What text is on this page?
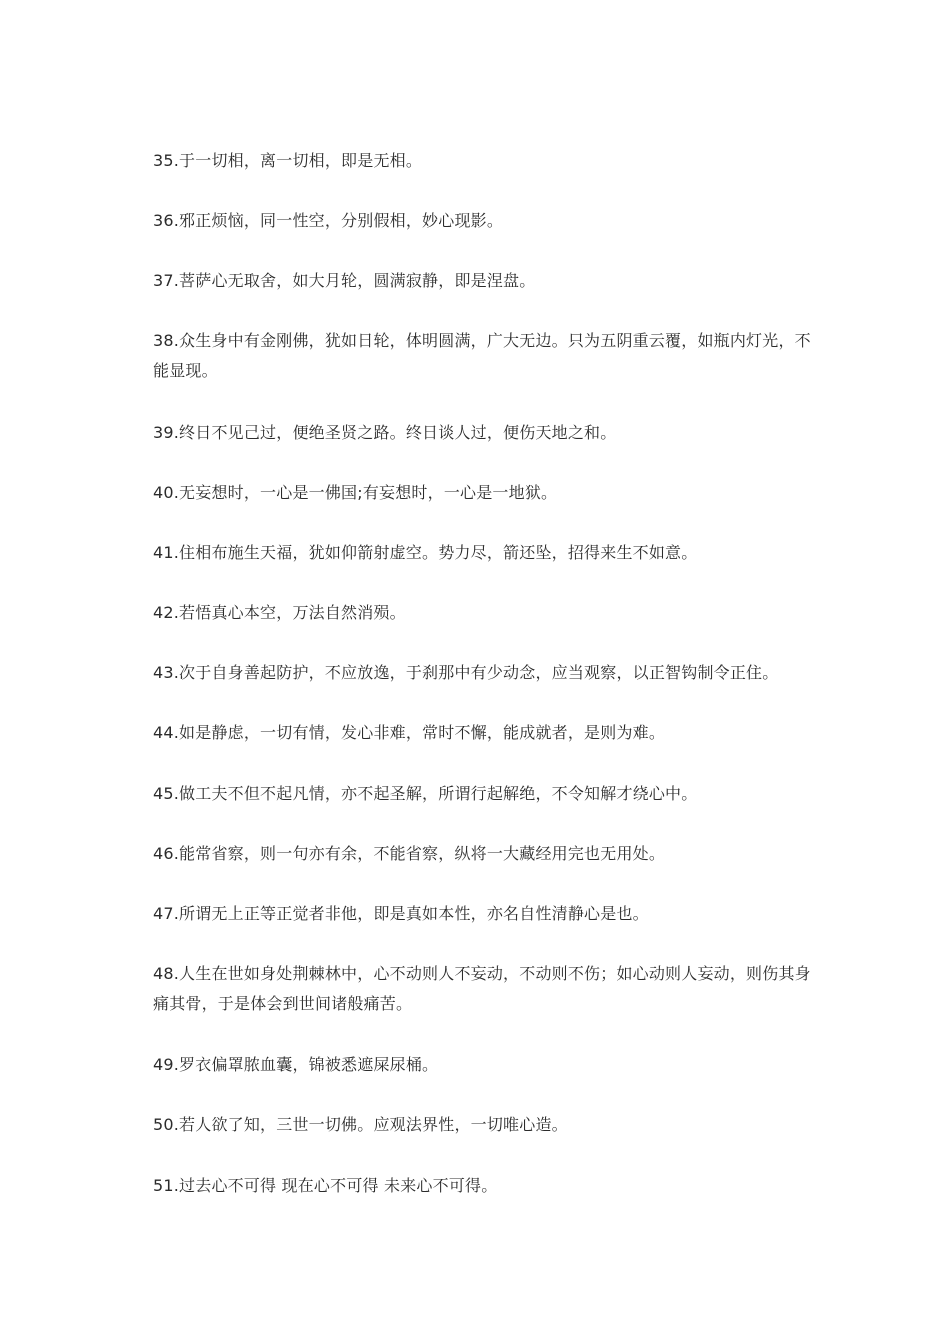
35.于一切相，离一切相，即是无相。

36.邪正烦恼，同一性空，分别假相，妙心现影。

37.菩萨心无取舍，如大月轮，圆满寂静，即是涅盘。

38.众生身中有金刚佛，犹如日轮，体明圆满，广大无边。只为五阴重云覆，如瓶内灯光，不能显现。

39.终日不见己过，便绝圣贤之路。终日谈人过，便伤天地之和。

40.无妄想时，一心是一佛国;有妄想时，一心是一地狱。

41.住相布施生天福，犹如仰箭射虚空。势力尽，箭还坠，招得来生不如意。

42.若悟真心本空，万法自然消殒。

43.次于自身善起防护，不应放逸，于刹那中有少动念，应当观察，以正智钩制令正住。

44.如是静虑，一切有情，发心非难，常时不懈，能成就者，是则为难。

45.做工夫不但不起凡情，亦不起圣解，所谓行起解绝，不令知解才绕心中。

46.能常省察，则一句亦有余，不能省察，纵将一大藏经用完也无用处。

47.所谓无上正等正觉者非他，即是真如本性，亦名自性清静心是也。

48.人生在世如身处荆棘林中，心不动则人不妄动，不动则不伤；如心动则人妄动，则伤其身痛其骨，于是体会到世间诸般痛苦。

49.罗衣偏罩脓血囊，锦被悉遮屎尿桶。

50.若人欲了知，三世一切佛。应观法界性，一切唯心造。

51.过去心不可得 现在心不可得 未来心不可得。
